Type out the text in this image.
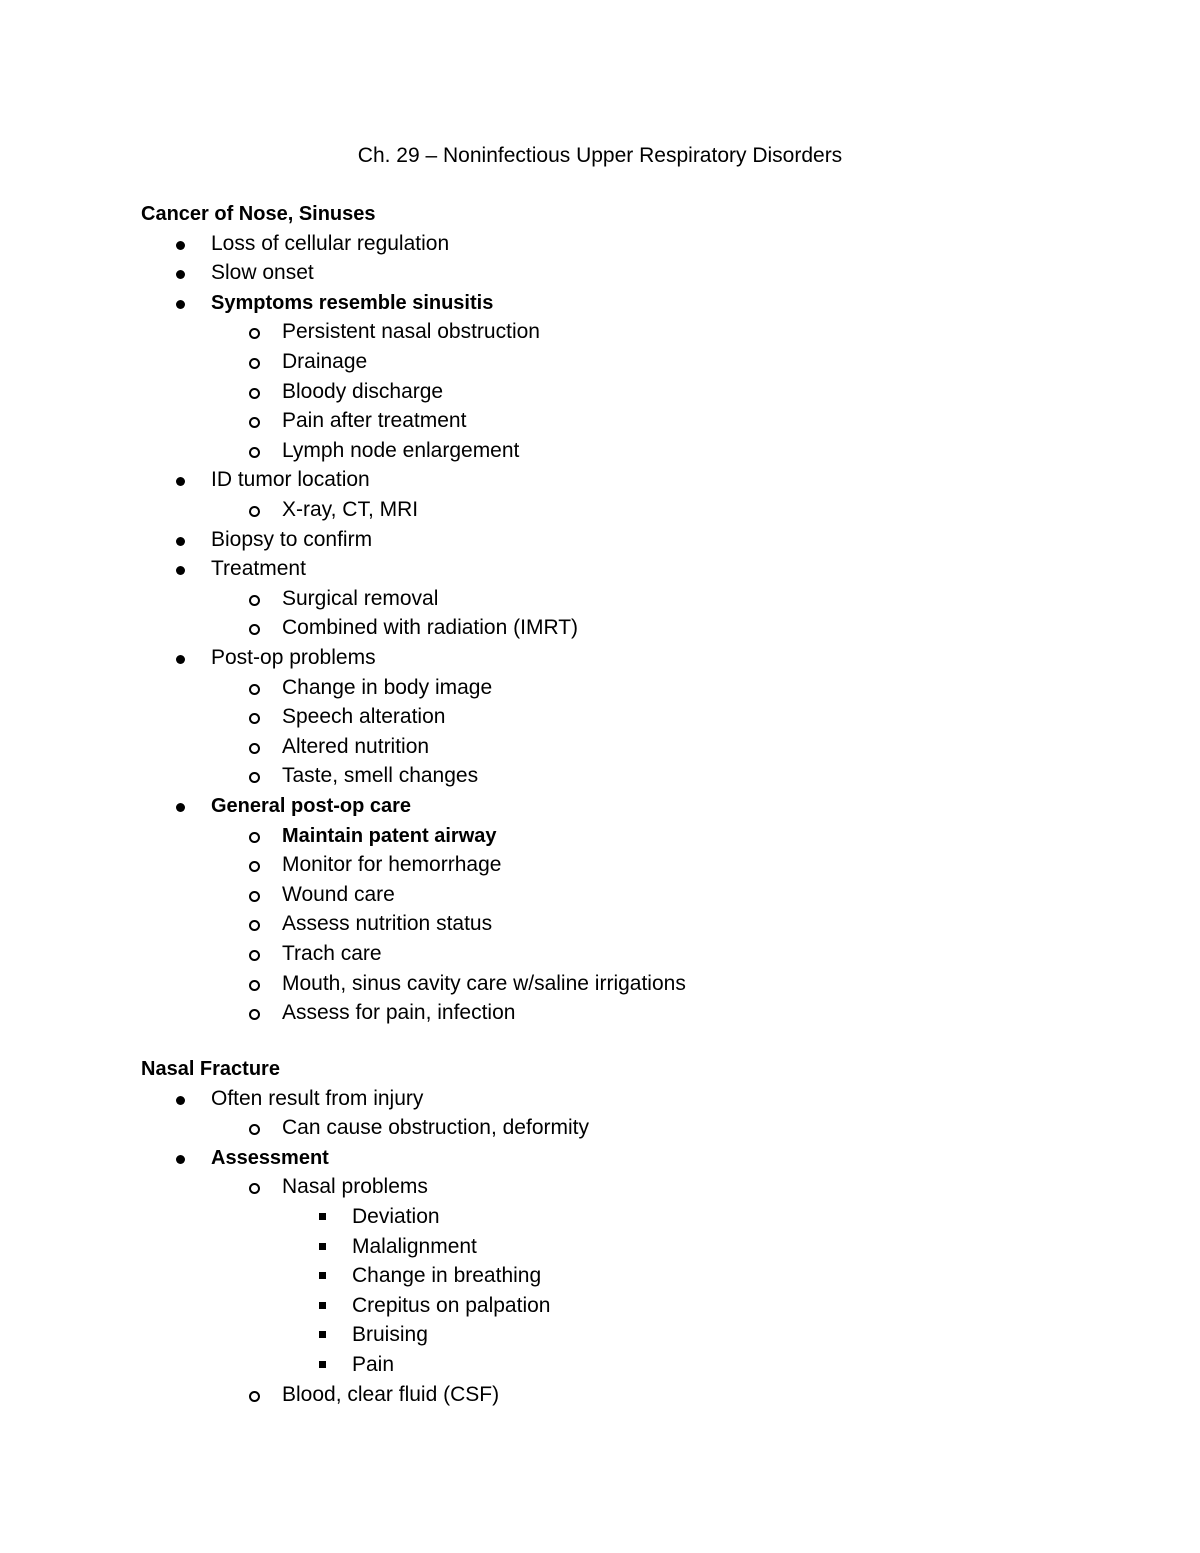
Ch. 29 – Noninfectious Upper Respiratory Disorders
Cancer of Nose, Sinuses
Loss of cellular regulation
Slow onset
Symptoms resemble sinusitis
Persistent nasal obstruction
Drainage
Bloody discharge
Pain after treatment
Lymph node enlargement
ID tumor location
X-ray, CT, MRI
Biopsy to confirm
Treatment
Surgical removal
Combined with radiation (IMRT)
Post-op problems
Change in body image
Speech alteration
Altered nutrition
Taste, smell changes
General post-op care
Maintain patent airway
Monitor for hemorrhage
Wound care
Assess nutrition status
Trach care
Mouth, sinus cavity care w/saline irrigations
Assess for pain, infection
Nasal Fracture
Often result from injury
Can cause obstruction, deformity
Assessment
Nasal problems
Deviation
Malalignment
Change in breathing
Crepitus on palpation
Bruising
Pain
Blood, clear fluid (CSF)
